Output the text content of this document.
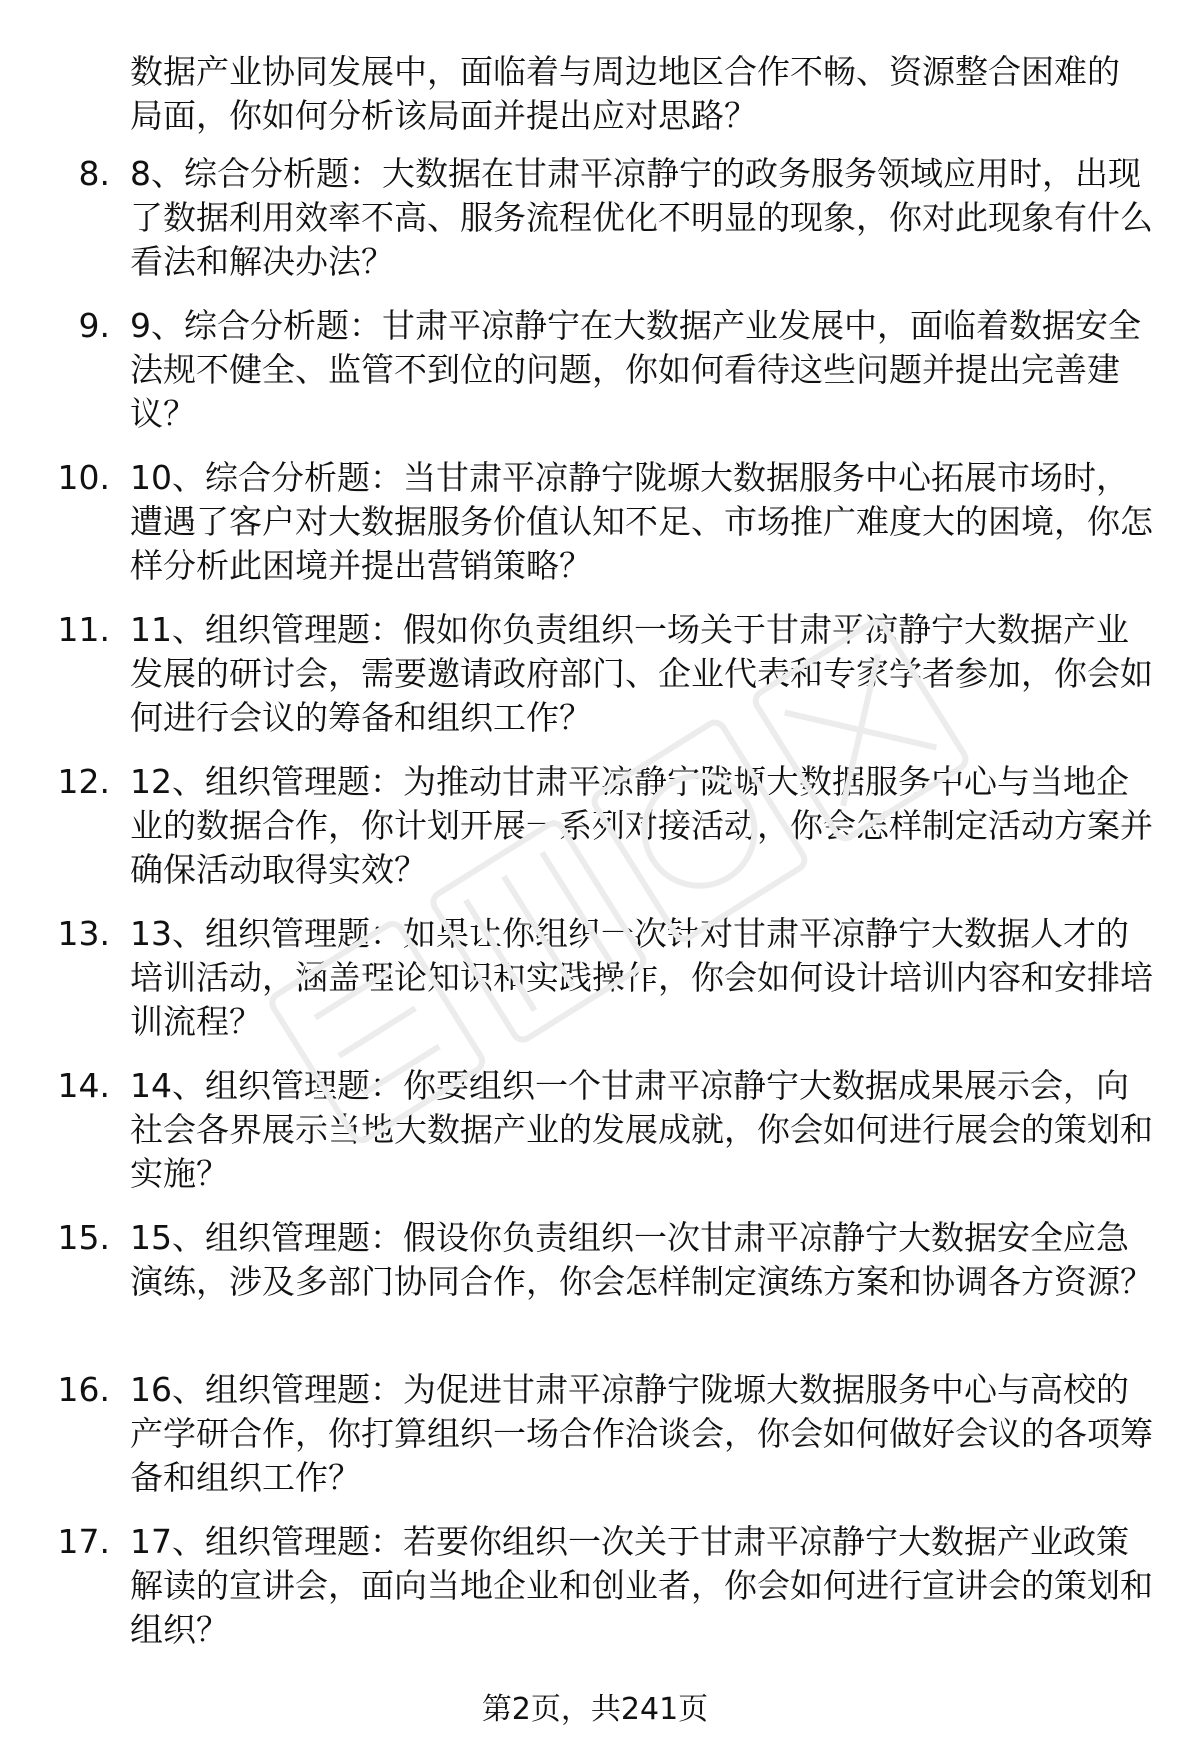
数据产业协同发展中，面临着与周边地区合作不畅、资源整合困难的局面，你如何分析该局面并提出应对思路？
8. 8、综合分析题：大数据在甘肃平凉静宁的政务服务领域应用时，出现了数据利用效率不高、服务流程优化不明显的现象，你对此现象有什么看法和解决办法？
9. 9、综合分析题：甘肃平凉静宁在大数据产业发展中，面临着数据安全法规不健全、监管不到位的问题，你如何看待这些问题并提出完善建议？
10. 10、综合分析题：当甘肃平凉静宁陇塬大数据服务中心拓展市场时，遭遇了客户对大数据服务价值认知不足、市场推广难度大的困境，你怎样分析此困境并提出营销策略？
11. 11、组织管理题：假如你负责组织一场关于甘肃平凉静宁大数据产业发展的研讨会，需要邀请政府部门、企业代表和专家学者参加，你会如何进行会议的筹备和组织工作？
12. 12、组织管理题：为推动甘肃平凉静宁陇塬大数据服务中心与当地企业的数据合作，你计划开展一系列对接活动，你会怎样制定活动方案并确保活动取得实效？
13. 13、组织管理题：如果让你组织一次针对甘肃平凉静宁大数据人才的培训活动，涵盖理论知识和实践操作，你会如何设计培训内容和安排培训流程？
14. 14、组织管理题：你要组织一个甘肃平凉静宁大数据成果展示会，向社会各界展示当地大数据产业的发展成就，你会如何进行展会的策划和实施？
15. 15、组织管理题：假设你负责组织一次甘肃平凉静宁大数据安全应急演练，涉及多部门协同合作，你会怎样制定演练方案和协调各方资源？
16. 16、组织管理题：为促进甘肃平凉静宁陇塬大数据服务中心与高校的产学研合作，你打算组织一场合作洽谈会，你会如何做好会议的各项筹备和组织工作？
17. 17、组织管理题：若要你组织一次关于甘肃平凉静宁大数据产业政策解读的宣讲会，面向当地企业和创业者，你会如何进行宣讲会的策划和组织？
第2页，共241页
